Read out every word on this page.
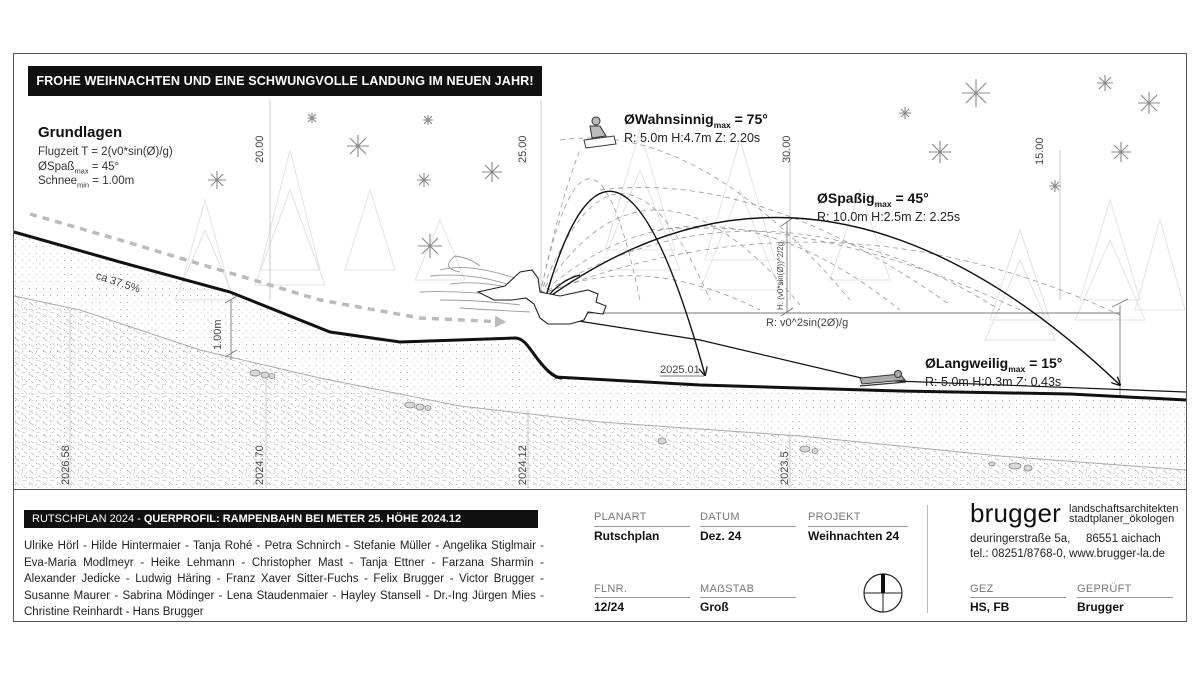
FROHE WEIHNACHTEN UND EINE SCHWUNGVOLLE LANDUNG IM NEUEN JAHR!
Grundlagen
Flugzeit T = 2(v0*sin(Ø)/g)
ØSpaß$_{max}$ = 45°
Schnee$_{min}$ = 1.00m
ØWahnsinnig$_{max}$ = 75°
R: 5.0m H:4.7m Z: 2.20s
ØSpaßig$_{max}$ = 45°
R: 10.0m H:2.5m Z: 2.25s
ØLangweilig$_{max}$ = 15°
R: 5.0m H:0.3m Z: 0.43s
ca 37.5%
1.00m	R: v0^2sin(2Ø)/g
H: (v0*sin(Ø))^2/2g
2025.01
20.00	25.00	30.00	15.00
2026.58	2024.70	2024.12	2023.5
RUTSCHPLAN 2024 - QUERPROFIL: RAMPENBAHN BEI METER 25. HÖHE 2024.12
Ulrike Hörl - Hilde Hintermaier - Tanja Rohé - Petra Schnirch - Stefanie Müller - Angelika Stiglmair - Eva-Maria Modlmeyr - Heike Lehmann - Christopher Mast - Tanja Ettner - Farzana Sharmin - Alexander Jedicke - Ludwig Häring - Franz Xaver Sitter-Fuchs - Felix Brugger - Victor Brugger - Susanne Maurer - Sabrina Mödinger - Lena Staudenmaier - Hayley Stansell - Dr.-Ing Jürgen Mies - Christine Reinhardt - Hans Brugger
PLANART
Rutschplan
DATUM
Dez. 24
PROJEKT
Weihnachten 24
FLNR.
12/24
MAẞSTAB
Groß
brugger landschaftsarchitekten
stadtplaner_ökologen
deuringerstraße 5a, 86551 aichach
tel.: 08251/8768-0, www.brugger-la.de
GEZ
HS, FB
GEPRÜFT
Brugger
